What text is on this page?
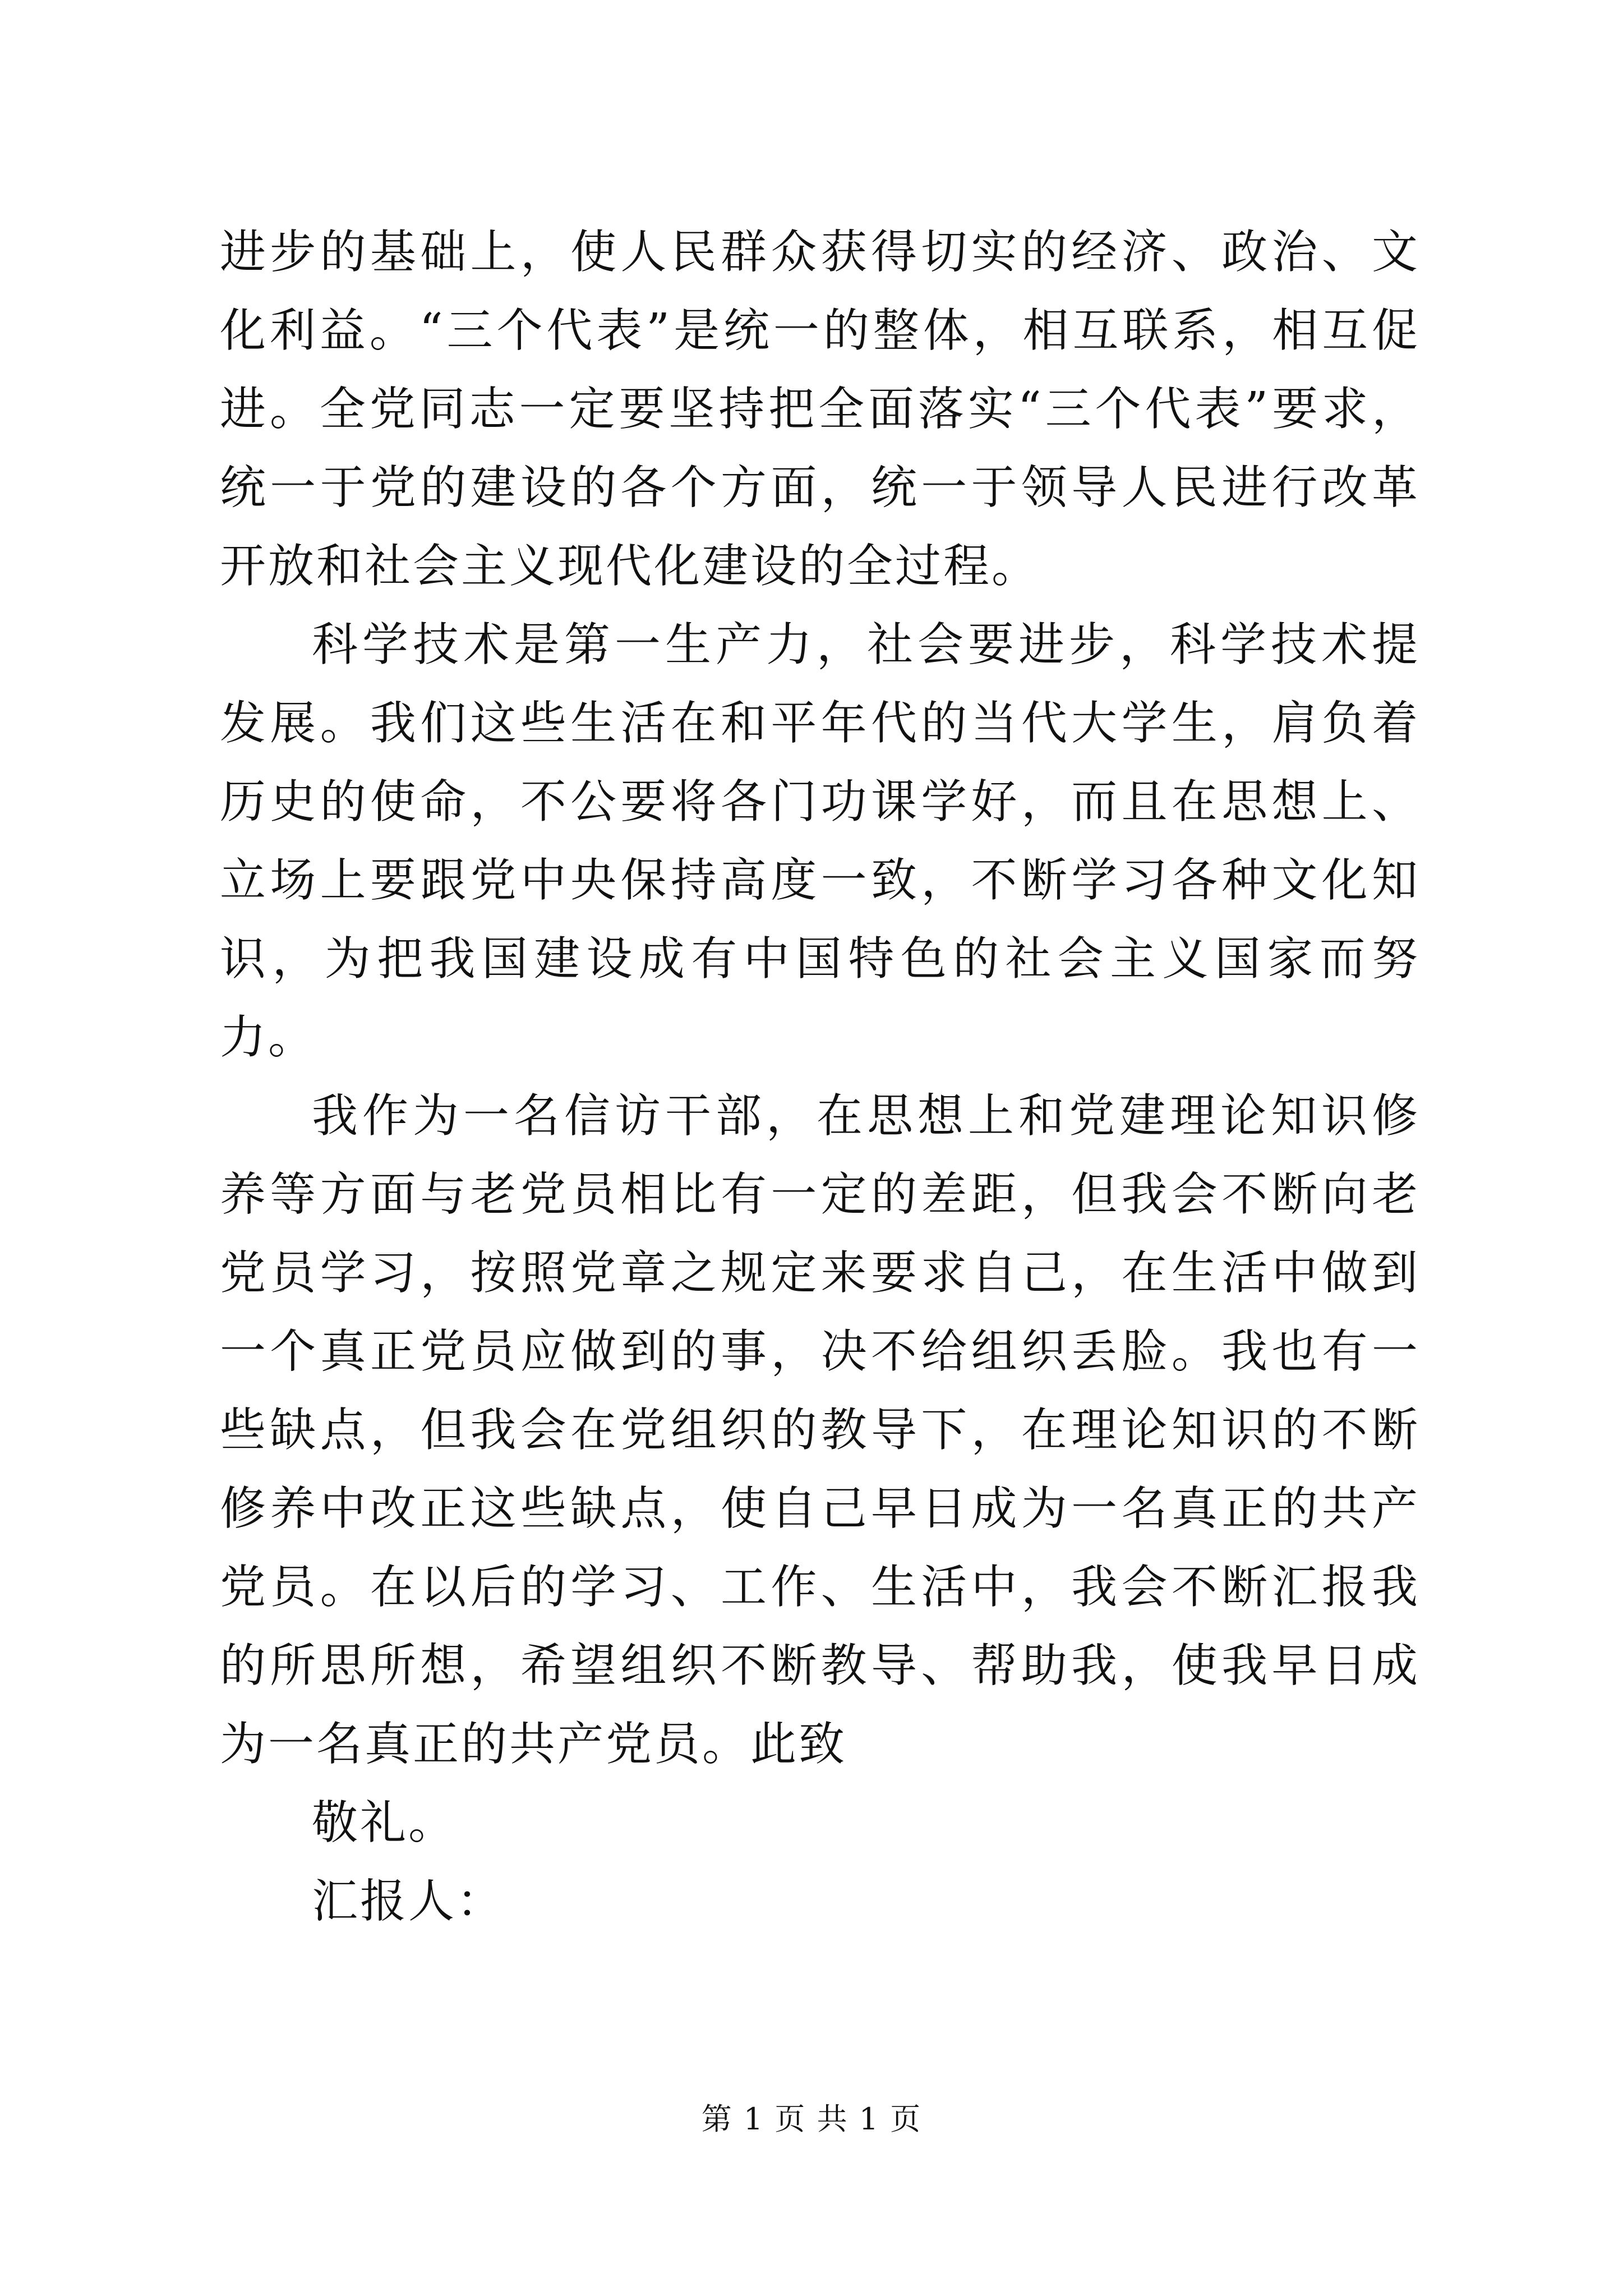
进步的基础上，使人民群众获得切实的经济、政治、文化利益。“三个代表”是统一的整体，相互联系，相互促进。全党同志一定要坚持把全面落实“三个代表”要求，统一于党的建设的各个方面，统一于领导人民进行改革开放和社会主义现代化建设的全过程。

科学技术是第一生产力，社会要进步，科学技术提发展。我们这些生活在和平年代的当代大学生，肩负着历史的使命，不公要将各门功课学好，而且在思想上、立场上要跟党中央保持高度一致，不断学习各种文化知识，为把我国建设成有中国特色的社会主义国家而努力。

我作为一名信访干部，在思想上和党建理论知识修养等方面与老党员相比有一定的差距，但我会不断向老党员学习，按照党章之规定来要求自己，在生活中做到一个真正党员应做到的事，决不给组织丢脸。我也有一些缺点，但我会在党组织的教导下，在理论知识的不断修养中改正这些缺点，使自己早日成为一名真正的共产党员。在以后的学习、工作、生活中，我会不断汇报我的所思所想，希望组织不断教导、帮助我，使我早日成为一名真正的共产党员。此致

敬礼。

汇报人：

第 1 页 共 1 页
